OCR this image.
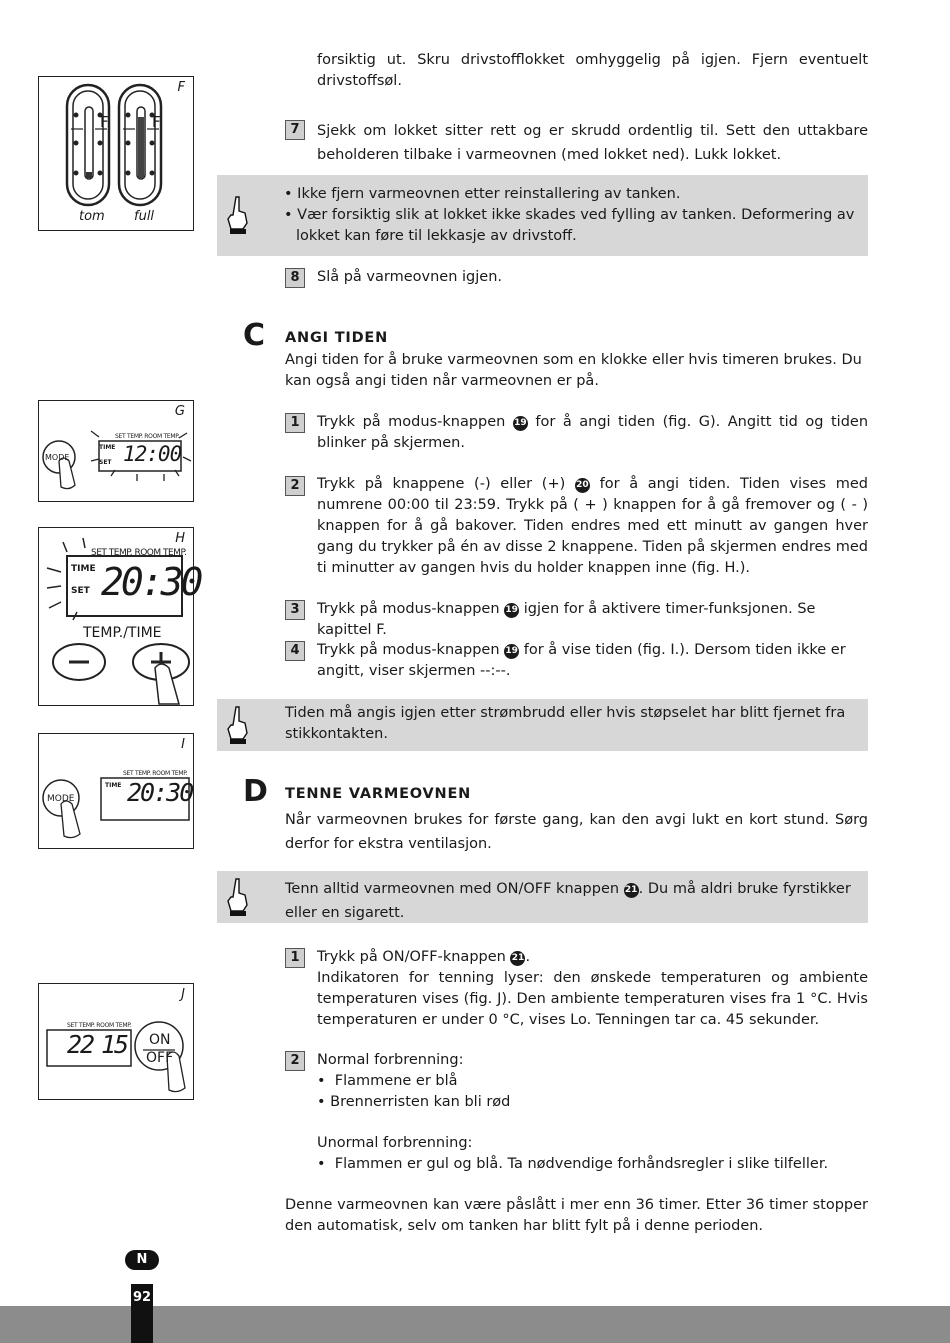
F
F	F
tom full
G
SET TEMP. ROOM TEMP.
TIME
SET 12:00
MODE
H
SET TEMP. ROOM TEMP.
TIME
SET 20:30
TEMP./TIME
I
SET TEMP. ROOM TEMP.
TIME 20:30
MODE
J
SET TEMP. ROOM TEMP.
22 15 ON
OFF
forsiktig ut. Skru drivstofflokket omhyggelig på igjen. Fjern eventuelt drivstoffsøl.
7	Sjekk om lokket sitter rett og er skrudd ordentlig til. Sett den uttakbare beholderen tilbake i varmeovnen (med lokket ned). Lukk lokket.
• Ikke fjern varmeovnen etter reinstallering av tanken.
• Vær forsiktig slik at lokket ikke skades ved fylling av tanken. Deformering av lokket kan føre til lekkasje av drivstoff.
8	Slå på varmeovnen igjen.
C ANGI TIDEN
Angi tiden for å bruke varmeovnen som en klokke eller hvis timeren brukes. Du kan også angi tiden når varmeovnen er på.
1	Trykk på modus-knappen 19 for å angi tiden (fig. G). Angitt tid og tiden blinker på skjermen.
2	Trykk på knappene (-) eller (+) 20 for å angi tiden. Tiden vises med numrene 00:00 til 23:59. Trykk på ( + ) knappen for å gå fremover og ( - ) knappen for å gå bakover. Tiden endres med ett minutt av gangen hver gang du trykker på én av disse 2 knappene. Tiden på skjermen endres med ti minutter av gangen hvis du holder knappen inne (fig. H.).
3	Trykk på modus-knappen 19 igjen for å aktivere timer-funksjonen. Se kapittel F.
4	Trykk på modus-knappen 19 for å vise tiden (fig. I.). Dersom tiden ikke er angitt, viser skjermen --:--.
Tiden må angis igjen etter strømbrudd eller hvis støpselet har blitt fjernet fra stikkontakten.
D TENNE VARMEOVNEN
Når varmeovnen brukes for første gang, kan den avgi lukt en kort stund. Sørg derfor for ekstra ventilasjon.
Tenn alltid varmeovnen med ON/OFF knappen 21. Du må aldri bruke fyrstikker eller en sigarett.
1	Trykk på ON/OFF-knappen 21.
Indikatoren for tenning lyser: den ønskede temperaturen og ambiente temperaturen vises (fig. J). Den ambiente temperaturen vises fra 1 °C. Hvis temperaturen er under 0 °C, vises Lo. Tenningen tar ca. 45 sekunder.
2	Normal forbrenning:
•  Flammene er blå
• Brennerristen kan bli rød
Unormal forbrenning:
•  Flammen er gul og blå. Ta nødvendige forhåndsregler i slike tilfeller.
Denne varmeovnen kan være påslått i mer enn 36 timer. Etter 36 timer stopper den automatisk, selv om tanken har blitt fylt på i denne perioden.
N
92
